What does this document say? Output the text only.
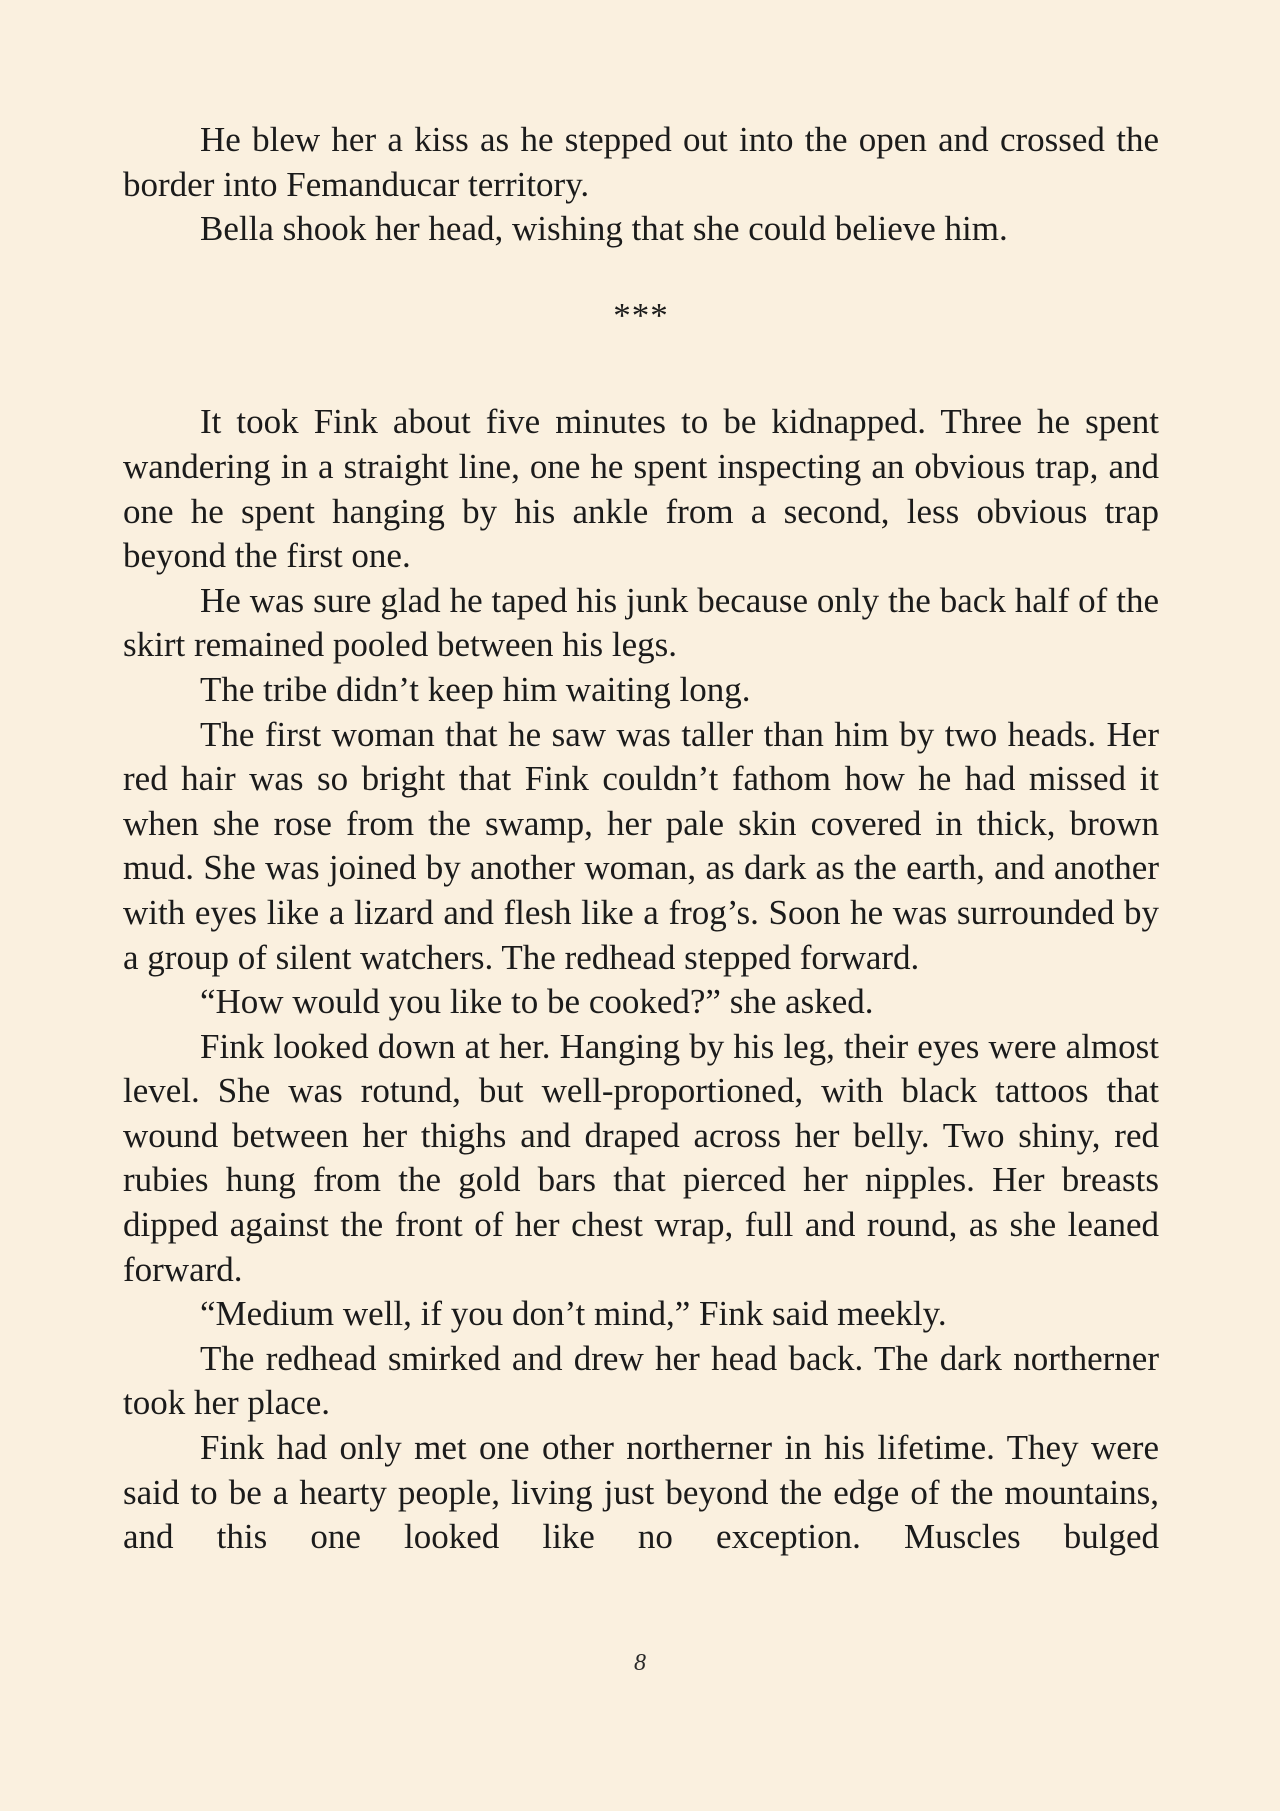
He blew her a kiss as he stepped out into the open and crossed the border into Femanducar territory.

Bella shook her head, wishing that she could believe him.

***

It took Fink about five minutes to be kidnapped. Three he spent wandering in a straight line, one he spent inspecting an obvious trap, and one he spent hanging by his ankle from a second, less obvious trap beyond the first one.

He was sure glad he taped his junk because only the back half of the skirt remained pooled between his legs.

The tribe didn’t keep him waiting long.

The first woman that he saw was taller than him by two heads. Her red hair was so bright that Fink couldn’t fathom how he had missed it when she rose from the swamp, her pale skin covered in thick, brown mud. She was joined by another woman, as dark as the earth, and another with eyes like a lizard and flesh like a frog’s. Soon he was surrounded by a group of silent watchers. The redhead stepped forward.

“How would you like to be cooked?” she asked.

Fink looked down at her. Hanging by his leg, their eyes were almost level. She was rotund, but well-proportioned, with black tattoos that wound between her thighs and draped across her belly. Two shiny, red rubies hung from the gold bars that pierced her nipples. Her breasts dipped against the front of her chest wrap, full and round, as she leaned forward.

“Medium well, if you don’t mind,” Fink said meekly.

The redhead smirked and drew her head back. The dark northerner took her place.

Fink had only met one other northerner in his lifetime. They were said to be a hearty people, living just beyond the edge of the mountains, and this one looked like no exception. Muscles bulged

8
